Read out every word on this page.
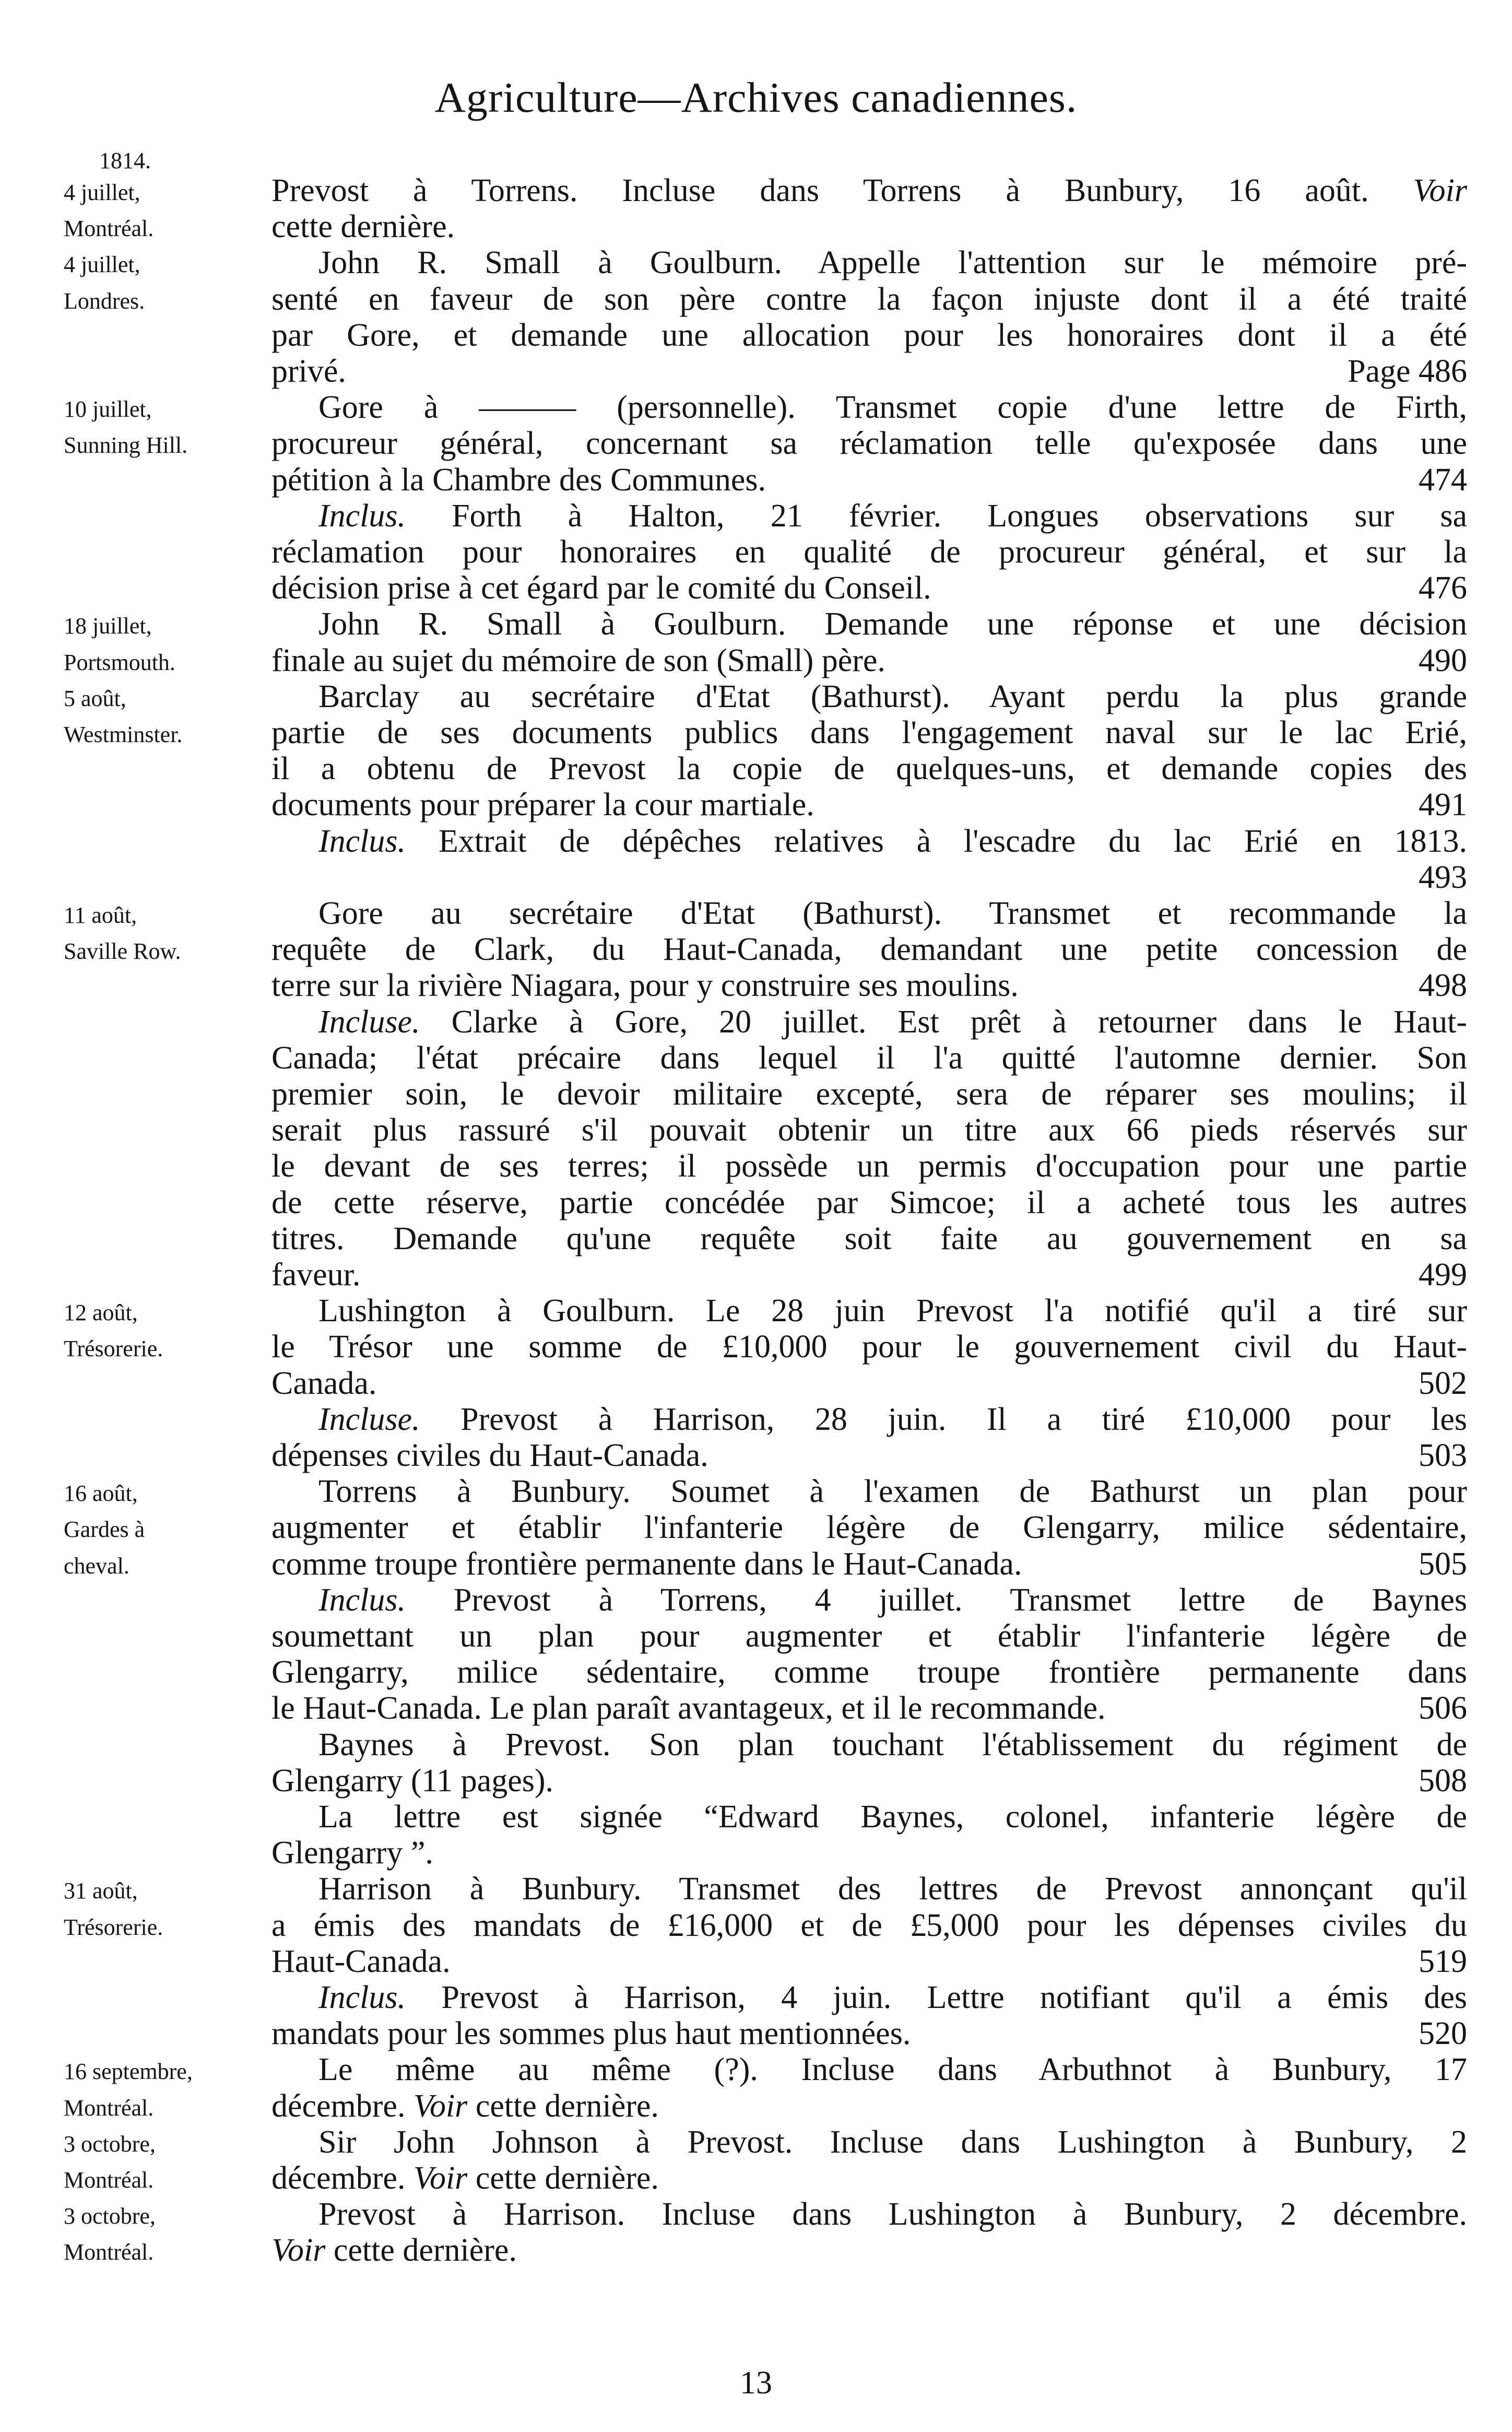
Agriculture—Archives canadiennes.
1814.
4 juillet,	Prevost à Torrens. Incluse dans Torrens à Bunbury, 16 août. Voir
Montréal.	cette dernière.
4 juillet,	John R. Small à Goulburn. Appelle l'attention sur le mémoire pré-
Londres.	senté en faveur de son père contre la façon injuste dont il a été traité
par Gore, et demande une allocation pour les honoraires dont il a été
privé.	Page 486
10 juillet,	Gore à ——— (personnelle). Transmet copie d'une lettre de Firth,
Sunning Hill.	procureur général, concernant sa réclamation telle qu'exposée dans une
pétition à la Chambre des Communes.	474
Inclus. Forth à Halton, 21 février. Longues observations sur sa
réclamation pour honoraires en qualité de procureur général, et sur la
décision prise à cet égard par le comité du Conseil.	476
18 juillet,	John R. Small à Goulburn. Demande une réponse et une décision
Portsmouth.	finale au sujet du mémoire de son (Small) père.	490
5 août,	Barclay au secrétaire d'Etat (Bathurst). Ayant perdu la plus grande
Westminster.	partie de ses documents publics dans l'engagement naval sur le lac Erié,
il a obtenu de Prevost la copie de quelques-uns, et demande copies des
documents pour préparer la cour martiale.	491
Inclus. Extrait de dépêches relatives à l'escadre du lac Erié en 1813.
493
11 août,	Gore au secrétaire d'Etat (Bathurst). Transmet et recommande la
Saville Row.	requête de Clark, du Haut-Canada, demandant une petite concession de
terre sur la rivière Niagara, pour y construire ses moulins.	498
Incluse. Clarke à Gore, 20 juillet. Est prêt à retourner dans le Haut-
Canada; l'état précaire dans lequel il l'a quitté l'automne dernier. Son
premier soin, le devoir militaire excepté, sera de réparer ses moulins; il
serait plus rassuré s'il pouvait obtenir un titre aux 66 pieds réservés sur
le devant de ses terres; il possède un permis d'occupation pour une partie
de cette réserve, partie concédée par Simcoe; il a acheté tous les autres
titres. Demande qu'une requête soit faite au gouvernement en sa
faveur.	499
12 août,	Lushington à Goulburn. Le 28 juin Prevost l'a notifié qu'il a tiré sur
Trésorerie.	le Trésor une somme de £10,000 pour le gouvernement civil du Haut-
Canada.	502
Incluse. Prevost à Harrison, 28 juin. Il a tiré £10,000 pour les
dépenses civiles du Haut-Canada.	503
16 août,	Torrens à Bunbury. Soumet à l'examen de Bathurst un plan pour
Gardes à	augmenter et établir l'infanterie légère de Glengarry, milice sédentaire,
cheval.	comme troupe frontière permanente dans le Haut-Canada.	505
Inclus. Prevost à Torrens, 4 juillet. Transmet lettre de Baynes
soumettant un plan pour augmenter et établir l'infanterie légère de
Glengarry, milice sédentaire, comme troupe frontière permanente dans
le Haut-Canada. Le plan paraît avantageux, et il le recommande.	506
Baynes à Prevost. Son plan touchant l'établissement du régiment de
Glengarry (11 pages).	508
La lettre est signée “Edward Baynes, colonel, infanterie légère de
Glengarry ”.
31 août,	Harrison à Bunbury. Transmet des lettres de Prevost annonçant qu'il
Trésorerie.	a émis des mandats de £16,000 et de £5,000 pour les dépenses civiles du
Haut-Canada.	519
Inclus. Prevost à Harrison, 4 juin. Lettre notifiant qu'il a émis des
mandats pour les sommes plus haut mentionnées.	520
16 septembre,	Le même au même (?). Incluse dans Arbuthnot à Bunbury, 17
Montréal.	décembre. Voir cette dernière.
3 octobre,	Sir John Johnson à Prevost. Incluse dans Lushington à Bunbury, 2
Montréal.	décembre. Voir cette dernière.
3 octobre,	Prevost à Harrison. Incluse dans Lushington à Bunbury, 2 décembre.
Montréal.	Voir cette dernière.
13
